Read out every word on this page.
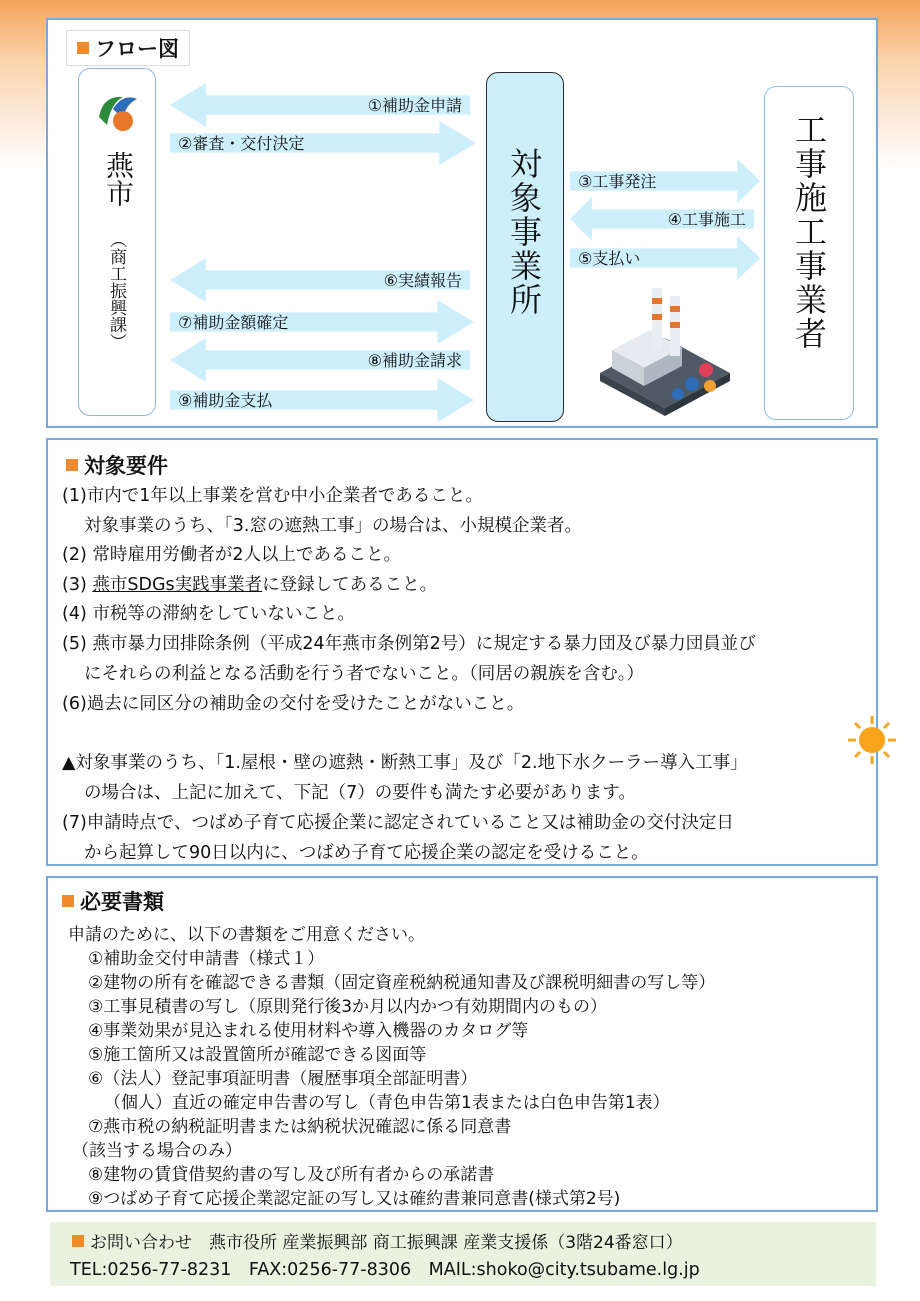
フロー図
燕市
（商工振興課）	対象事業所	工事施工事業者
①補助金申請
②審査・交付決定
⑥実績報告
⑦補助金額確定
⑧補助金請求
⑨補助金支払
③工事発注
④工事施工
⑤支払い
対象要件
(1)市内で1年以上事業を営む中小企業者であること。
対象事業のうち、「3.窓の遮熱工事」の場合は、小規模企業者。
(2) 常時雇用労働者が2人以上であること。
(3) 燕市SDGs実践事業者に登録してあること。
(4) 市税等の滞納をしていないこと。
(5) 燕市暴力団排除条例（平成24年燕市条例第2号）に規定する暴力団及び暴力団員並び
にそれらの利益となる活動を行う者でないこと。（同居の親族を含む。）
(6)過去に同区分の補助金の交付を受けたことがないこと。
▲対象事業のうち、「1.屋根・壁の遮熱・断熱工事」及び「2.地下水クーラー導入工事」
の場合は、上記に加えて、下記（7）の要件も満たす必要があります。
(7)申請時点で、つばめ子育て応援企業に認定されていること又は補助金の交付決定日
から起算して90日以内に、つばめ子育て応援企業の認定を受けること。
必要書類
申請のために、以下の書類をご用意ください。
①補助金交付申請書（様式１）
②建物の所有を確認できる書類（固定資産税納税通知書及び課税明細書の写し等）
③工事見積書の写し（原則発行後3か月以内かつ有効期間内のもの）
④事業効果が見込まれる使用材料や導入機器のカタログ等
⑤施工箇所又は設置箇所が確認できる図面等
⑥（法人）登記事項証明書（履歴事項全部証明書）
（個人）直近の確定申告書の写し（青色申告第1表または白色申告第1表）
⑦燕市税の納税証明書または納税状況確認に係る同意書
（該当する場合のみ）
⑧建物の賃貸借契約書の写し及び所有者からの承諾書
⑨つばめ子育て応援企業認定証の写し又は確約書兼同意書(様式第2号)
お問い合わせ　燕市役所 産業振興部 商工振興課 産業支援係（3階24番窓口）
TEL:0256-77-8231　FAX:0256-77-8306　MAIL:shoko@city.tsubame.lg.jp
